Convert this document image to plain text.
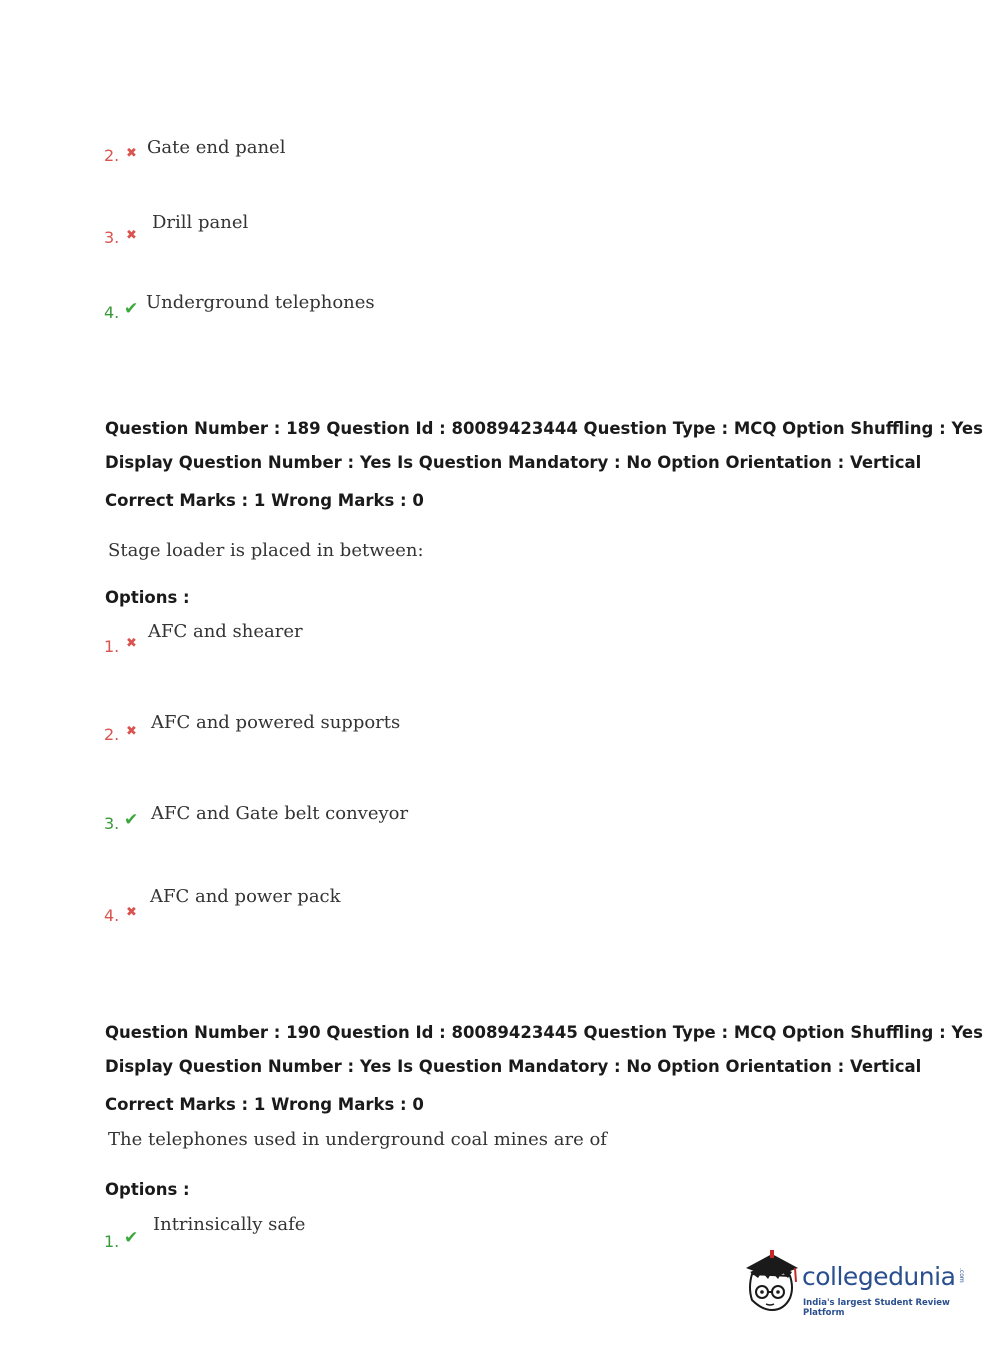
2. ✖ Gate end panel
3. ✖
Drill panel
4. ✔ Underground telephones
Question Number : 189 Question Id : 80089423444 Question Type : MCQ Option Shuffling : Yes
Display Question Number : Yes Is Question Mandatory : No Option Orientation : Vertical
Correct Marks : 1 Wrong Marks : 0
Stage loader is placed in between:
Options :
1. ✖
AFC and shearer
2. ✖ AFC and powered supports
3. ✔ AFC and Gate belt conveyor
4. ✖
AFC and power pack
Question Number : 190 Question Id : 80089423445 Question Type : MCQ Option Shuffling : Yes
Display Question Number : Yes Is Question Mandatory : No Option Orientation : Vertical
Correct Marks : 1 Wrong Marks : 0
The telephones used in underground coal mines are of
Options :
1. ✔
Intrinsically safe
collegedunia .com
India's largest Student Review Platform
